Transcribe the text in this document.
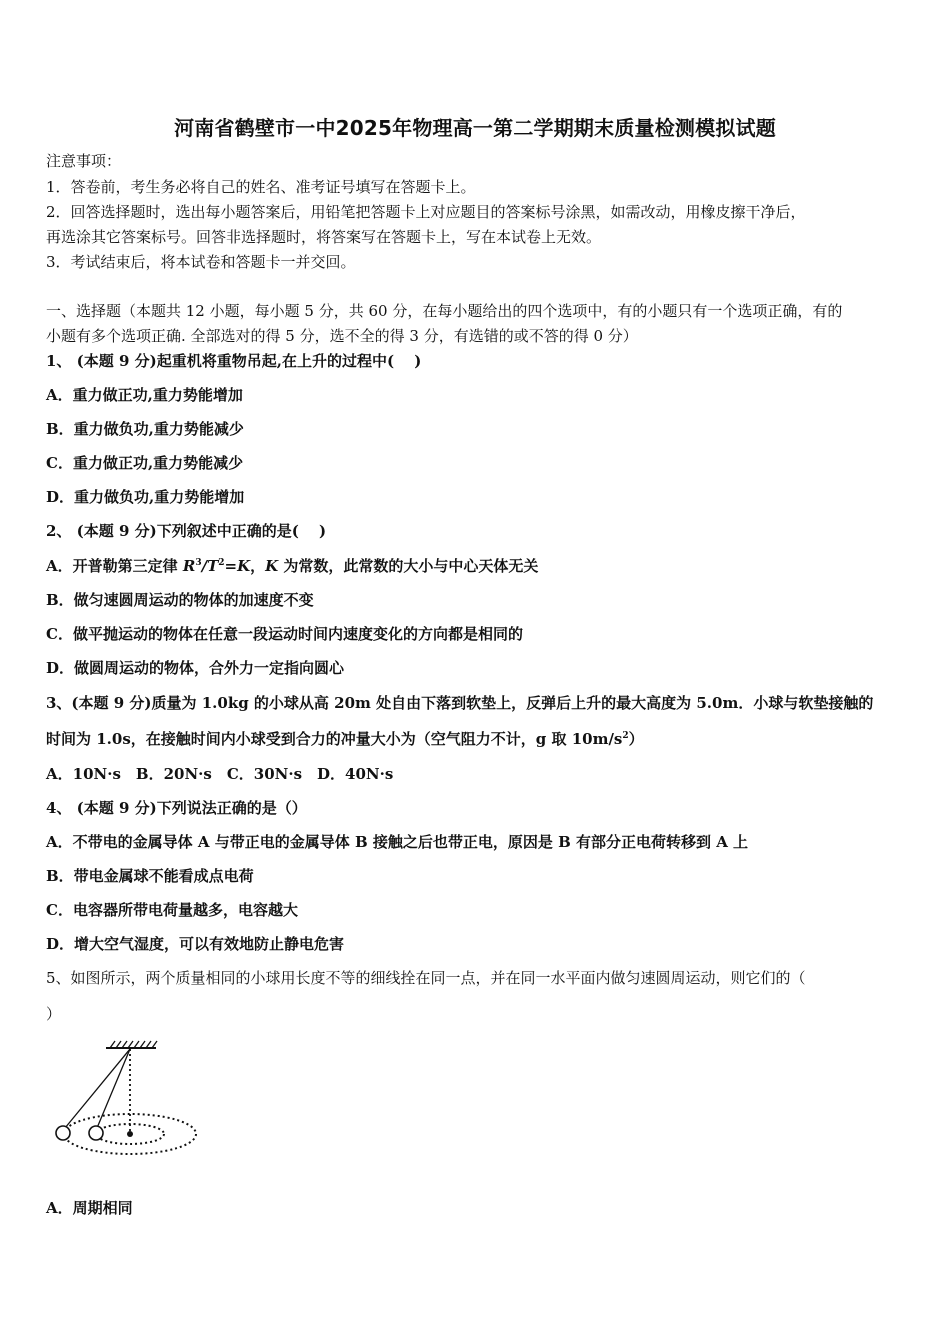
河南省鹤壁市一中2025年物理高一第二学期期末质量检测模拟试题
注意事项：
1．答卷前，考生务必将自己的姓名、准考证号填写在答题卡上。
2．回答选择题时，选出每小题答案后，用铅笔把答题卡上对应题目的答案标号涂黑，如需改动，用橡皮擦干净后，
再选涂其它答案标号。回答非选择题时，将答案写在答题卡上，写在本试卷上无效。
3．考试结束后，将本试卷和答题卡一并交回。
一、选择题（本题共 12 小题，每小题 5 分，共 60 分，在每小题给出的四个选项中，有的小题只有一个选项正确，有的
小题有多个选项正确. 全部选对的得 5 分，选不全的得 3 分，有选错的或不答的得 0 分）
1、 (本题 9 分)起重机将重物吊起,在上升的过程中(　 )
A．重力做正功,重力势能增加
B．重力做负功,重力势能减少
C．重力做正功,重力势能减少
D．重力做负功,重力势能增加
2、 (本题 9 分)下列叙述中正确的是(　 )
A．开普勒第三定律 $R^3/T^2=K$，K 为常数，此常数的大小与中心天体无关
B．做匀速圆周运动的物体的加速度不变
C．做平抛运动的物体在任意一段运动时间内速度变化的方向都是相同的
D．做圆周运动的物体，合外力一定指向圆心
3、(本题 9 分)质量为 1.0kg 的小球从高 20m 处自由下落到软垫上，反弹后上升的最大高度为 5.0m．小球与软垫接触的
时间为 1.0s，在接触时间内小球受到合力的冲量大小为（空气阻力不计，g 取 $10m/s^2$）
A．10N·s　B．20N·s　C．30N·s　D．40N·s
4、 (本题 9 分)下列说法正确的是（）
A．不带电的金属导体 A 与带正电的金属导体 B 接触之后也带正电，原因是 B 有部分正电荷转移到 A 上
B．带电金属球不能看成点电荷
C．电容器所带电荷量越多，电容越大
D．增大空气湿度，可以有效地防止静电危害
5、如图所示，两个质量相同的小球用长度不等的细线拴在同一点，并在同一水平面内做匀速圆周运动，则它们的（
）
A．周期相同
